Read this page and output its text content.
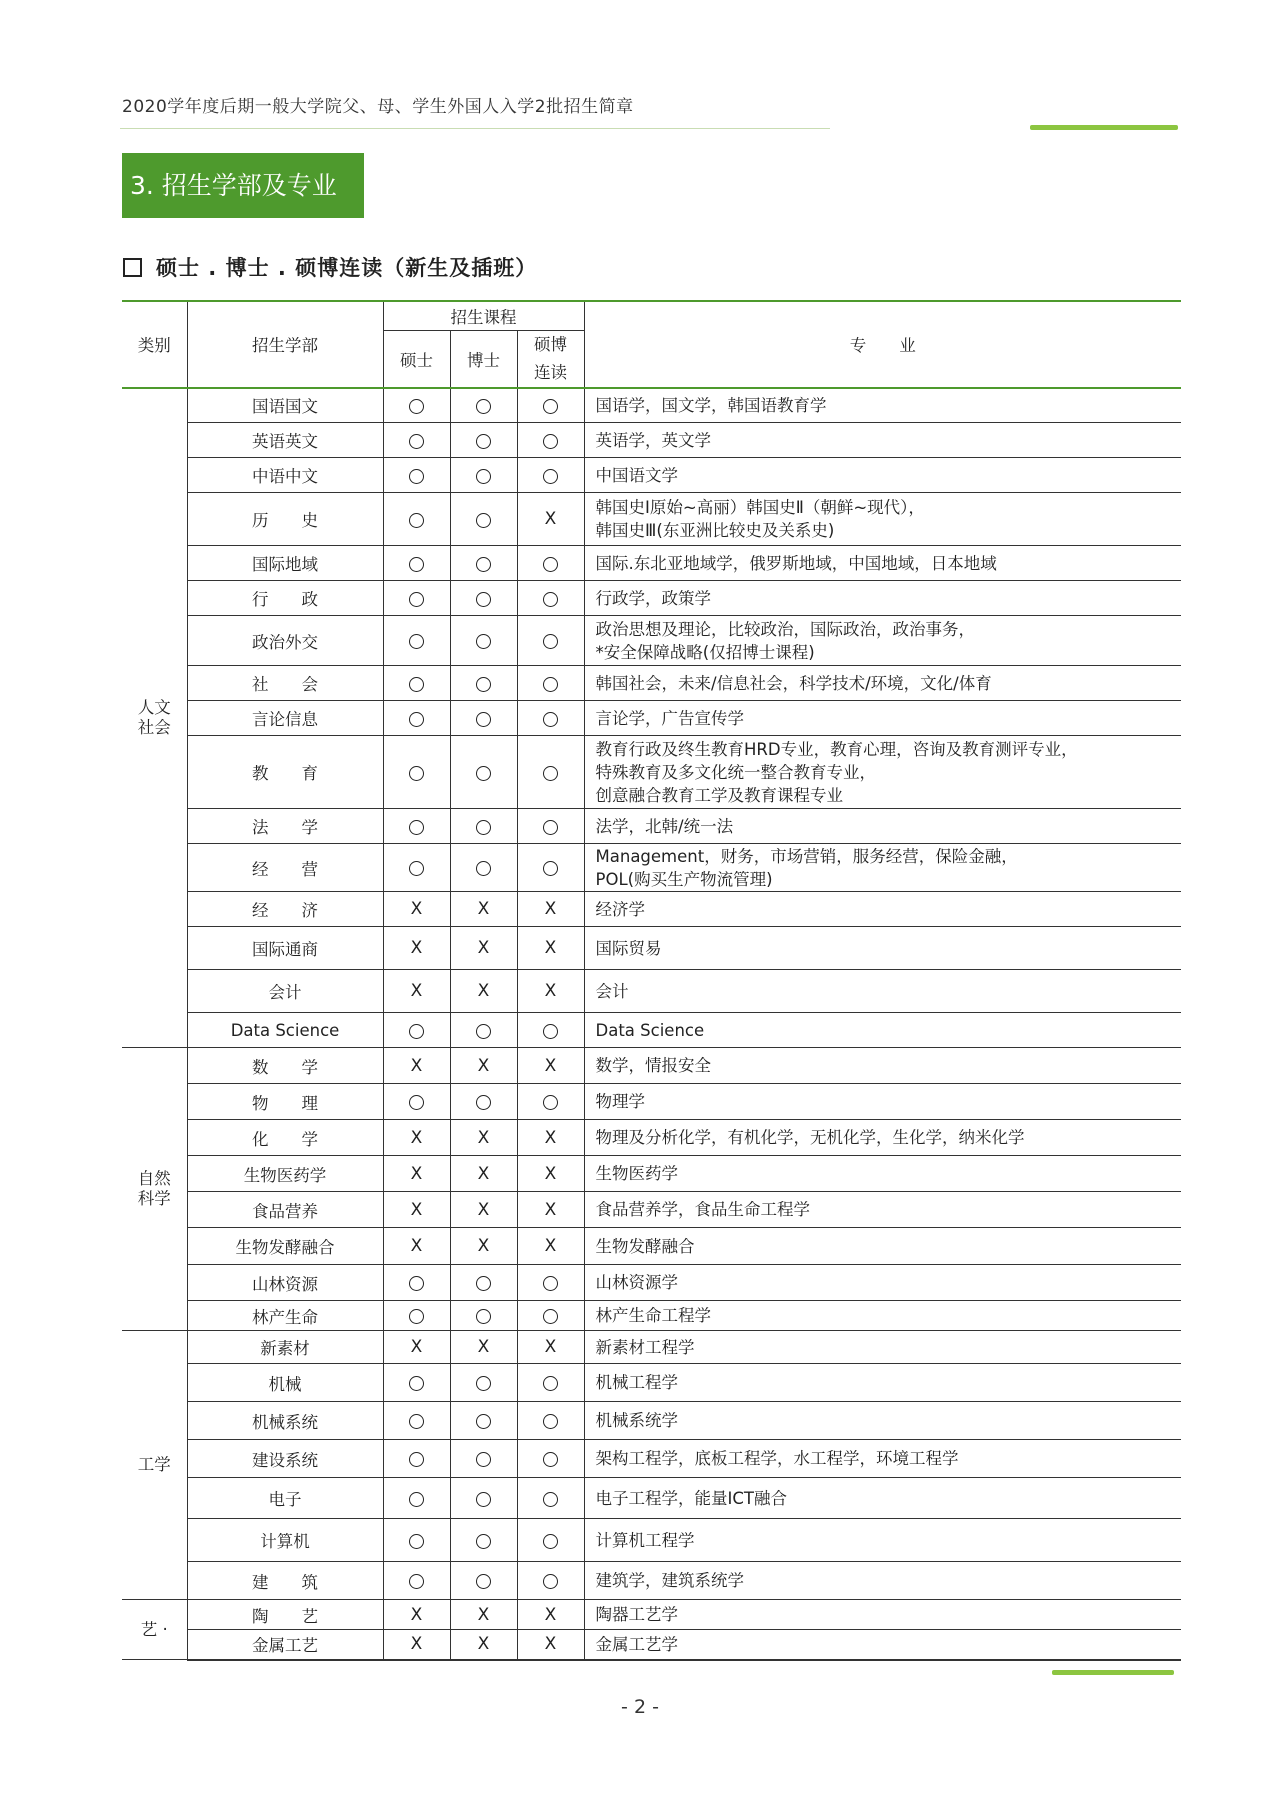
2020学年度后期一般大学院父、母、学生外国人入学2批招生简章
3. 招生学部及专业
硕士 . 博士 . 硕博连读（新生及插班）
类别	招生学部	招生课程			专　　业
		硕士	博士	硕博连读	
人文社会	国语国文				国语学，国文学，韩国语教育学

	英语英文				英语学，英文学

	中语中文				中国语文学

	历　　史			X	韩国史Ⅰ原始~高丽）韩国史Ⅱ（朝鲜~现代），
韩国史Ⅲ(东亚洲比较史及关系史)

	国际地域				国际.东北亚地域学，俄罗斯地域，中国地域，日本地域

	行　　政				行政学，政策学

	政治外交				政治思想及理论，比较政治，国际政治，政治事务，
*安全保障战略(仅招博士课程)

	社　　会				韩国社会，未来/信息社会，科学技术/环境，文化/体育

	言论信息				言论学，广告宣传学

	教　　育				教育行政及终生教育HRD专业，教育心理，咨询及教育测评专业，
特殊教育及多文化统一整合教育专业，
创意融合教育工学及教育课程专业

	法　　学				法学，北韩/统一法

	经　　营				Management，财务，市场营销，服务经营，保险金融，
POL(购买生产物流管理)

	经　　济	X	X	X	经济学

	国际通商	X	X	X	国际贸易

	会计	X	X	X	会计

	Data Science				Data Science

自然科学	数　　学	X	X	X	数学，情报安全

	物　　理				物理学

	化　　学	X	X	X	物理及分析化学，有机化学，无机化学，生化学，纳米化学

	生物医药学	X	X	X	生物医药学

	食品营养	X	X	X	食品营养学，食品生命工程学

	生物发酵融合	X	X	X	生物发酵融合

	山林资源				山林资源学

	林产生命				林产生命工程学

工学	新素材	X	X	X	新素材工程学

	机械				机械工程学

	机械系统				机械系统学

	建设系统				架构工程学，底板工程学，水工程学，环境工程学

	电子				电子工程学，能量ICT融合

	计算机				计算机工程学

	建　　筑				建筑学，建筑系统学

艺 ·	陶　　艺	X	X	X	陶器工艺学

	金属工艺	X	X	X	金属工艺学
- 2 -
